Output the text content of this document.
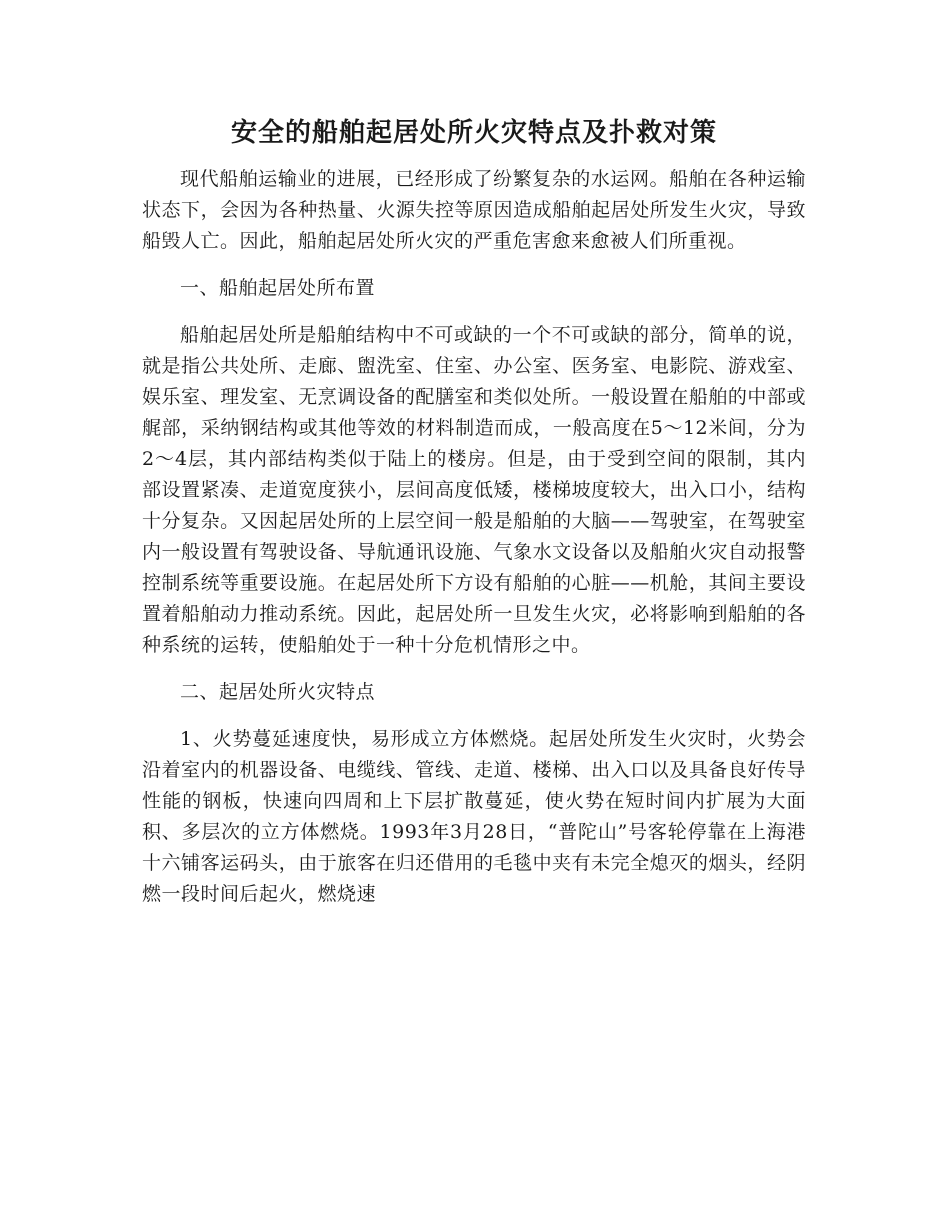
安全的船舶起居处所火灾特点及扑救对策

现代船舶运输业的进展，已经形成了纷繁复杂的水运网。船舶在各种运输状态下，会因为各种热量、火源失控等原因造成船舶起居处所发生火灾，导致船毁人亡。因此，船舶起居处所火灾的严重危害愈来愈被人们所重视。

一、船舶起居处所布置

船舶起居处所是船舶结构中不可或缺的一个不可或缺的部分，简单的说，就是指公共处所、走廊、盥洗室、住室、办公室、医务室、电影院、游戏室、娱乐室、理发室、无烹调设备的配膳室和类似处所。一般设置在船舶的中部或艉部，采纳钢结构或其他等效的材料制造而成，一般高度在5～12米间，分为2～4层，其内部结构类似于陆上的楼房。但是，由于受到空间的限制，其内部设置紧凑、走道宽度狭小，层间高度低矮，楼梯坡度较大，出入口小，结构十分复杂。又因起居处所的上层空间一般是船舶的大脑——驾驶室，在驾驶室内一般设置有驾驶设备、导航通讯设施、气象水文设备以及船舶火灾自动报警控制系统等重要设施。在起居处所下方设有船舶的心脏——机舱，其间主要设置着船舶动力推动系统。因此，起居处所一旦发生火灾，必将影响到船舶的各种系统的运转，使船舶处于一种十分危机情形之中。

二、起居处所火灾特点

1、火势蔓延速度快，易形成立方体燃烧。起居处所发生火灾时，火势会沿着室内的机器设备、电缆线、管线、走道、楼梯、出入口以及具备良好传导性能的钢板，快速向四周和上下层扩散蔓延，使火势在短时间内扩展为大面积、多层次的立方体燃烧。1993年3月28日，“普陀山”号客轮停靠在上海港十六铺客运码头，由于旅客在归还借用的毛毯中夹有未完全熄灭的烟头，经阴燃一段时间后起火，燃烧速
